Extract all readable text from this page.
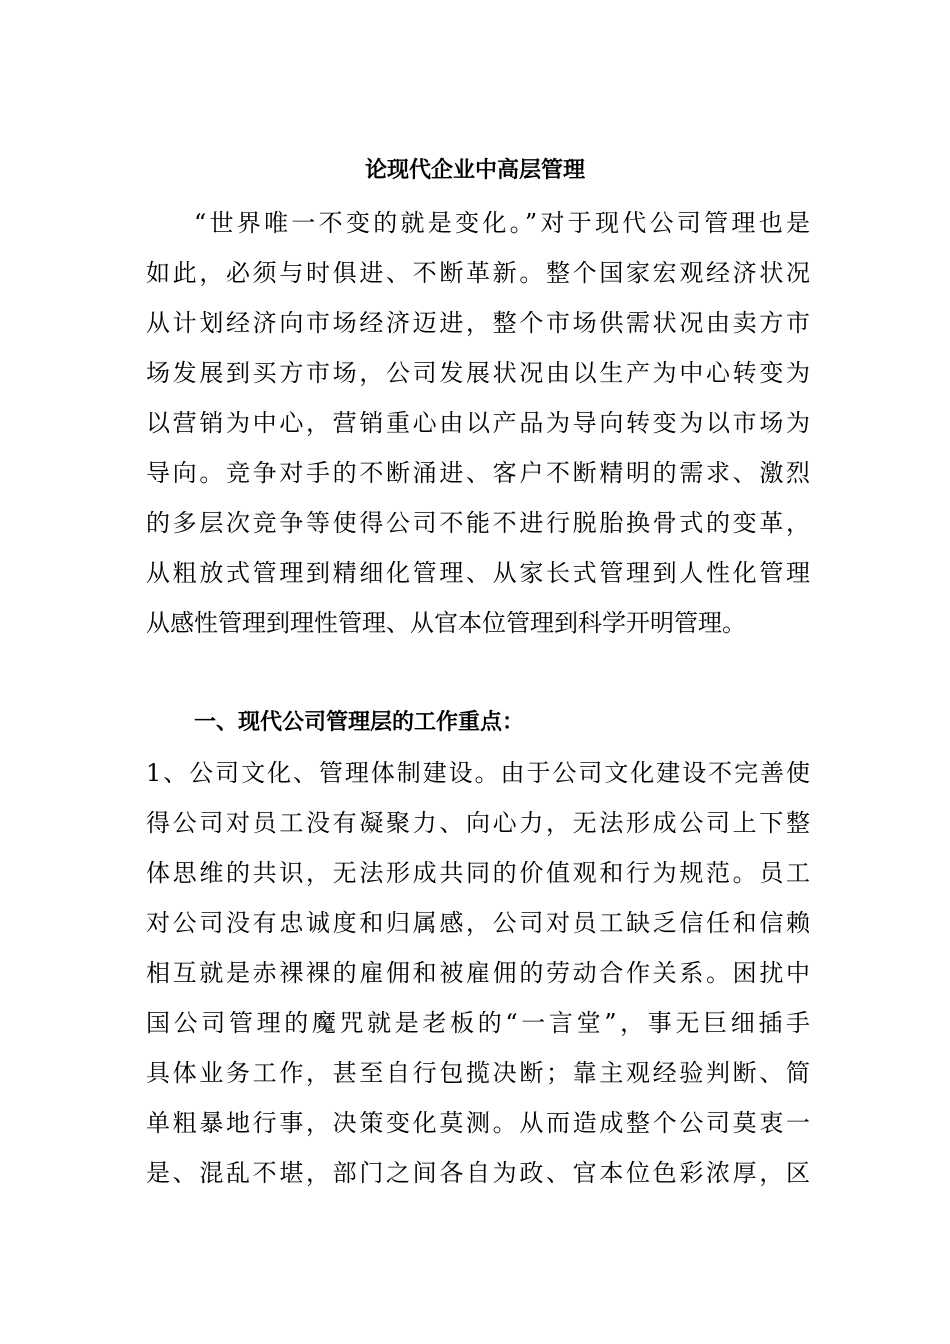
论现代企业中高层管理
“世界唯一不变的就是变化。”对于现代公司管理也是
如此，必须与时俱进、不断革新。整个国家宏观经济状况
从计划经济向市场经济迈进，整个市场供需状况由卖方市
场发展到买方市场，公司发展状况由以生产为中心转变为
以营销为中心，营销重心由以产品为导向转变为以市场为
导向。竞争对手的不断涌进、客户不断精明的需求、激烈
的多层次竞争等使得公司不能不进行脱胎换骨式的变革，
从粗放式管理到精细化管理、从家长式管理到人性化管理
从感性管理到理性管理、从官本位管理到科学开明管理。
一、现代公司管理层的工作重点：
1、公司文化、管理体制建设。由于公司文化建设不完善使
得公司对员工没有凝聚力、向心力，无法形成公司上下整
体思维的共识，无法形成共同的价值观和行为规范。员工
对公司没有忠诚度和归属感，公司对员工缺乏信任和信赖
相互就是赤裸裸的雇佣和被雇佣的劳动合作关系。困扰中
国公司管理的魔咒就是老板的“一言堂”，事无巨细插手
具体业务工作，甚至自行包揽决断；靠主观经验判断、简
单粗暴地行事，决策变化莫测。从而造成整个公司莫衷一
是、混乱不堪，部门之间各自为政、官本位色彩浓厚，区
